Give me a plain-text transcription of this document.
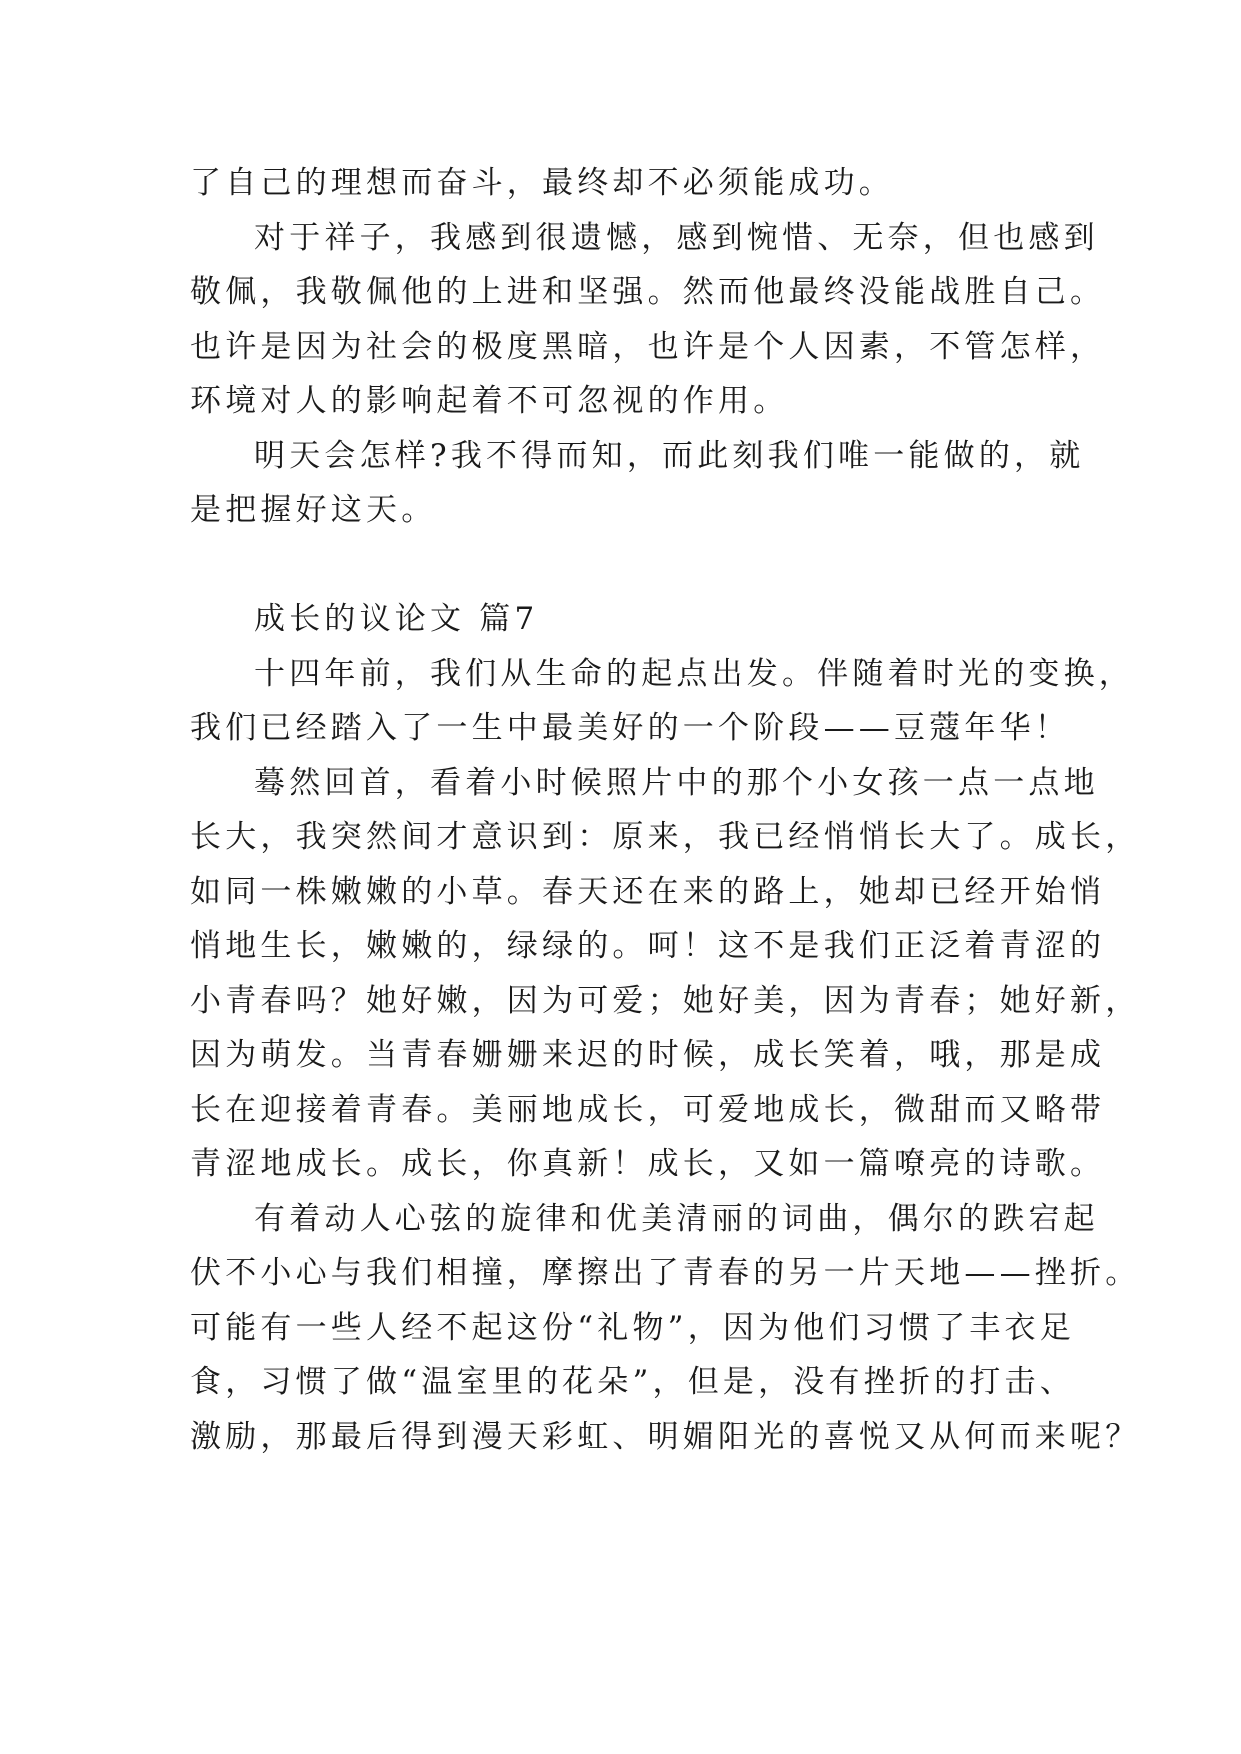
了自己的理想而奋斗，最终却不必须能成功。
对于祥子，我感到很遗憾，感到惋惜、无奈，但也感到
敬佩，我敬佩他的上进和坚强。然而他最终没能战胜自己。
也许是因为社会的极度黑暗，也许是个人因素，不管怎样，
环境对人的影响起着不可忽视的作用。
明天会怎样?我不得而知，而此刻我们唯一能做的，就
是把握好这天。
成长的议论文 篇7
十四年前，我们从生命的起点出发。伴随着时光的变换，
我们已经踏入了一生中最美好的一个阶段——豆蔻年华！
蓦然回首，看着小时候照片中的那个小女孩一点一点地
长大，我突然间才意识到：原来，我已经悄悄长大了。成长，
如同一株嫩嫩的小草。春天还在来的路上，她却已经开始悄
悄地生长，嫩嫩的，绿绿的。呵！这不是我们正泛着青涩的
小青春吗？她好嫩，因为可爱；她好美，因为青春；她好新，
因为萌发。当青春姗姗来迟的时候，成长笑着，哦，那是成
长在迎接着青春。美丽地成长，可爱地成长，微甜而又略带
青涩地成长。成长，你真新！成长，又如一篇嘹亮的诗歌。
有着动人心弦的旋律和优美清丽的词曲，偶尔的跌宕起
伏不小心与我们相撞，摩擦出了青春的另一片天地——挫折。
可能有一些人经不起这份“礼物”，因为他们习惯了丰衣足
食，习惯了做“温室里的花朵”，但是，没有挫折的打击、
激励，那最后得到漫天彩虹、明媚阳光的喜悦又从何而来呢？
